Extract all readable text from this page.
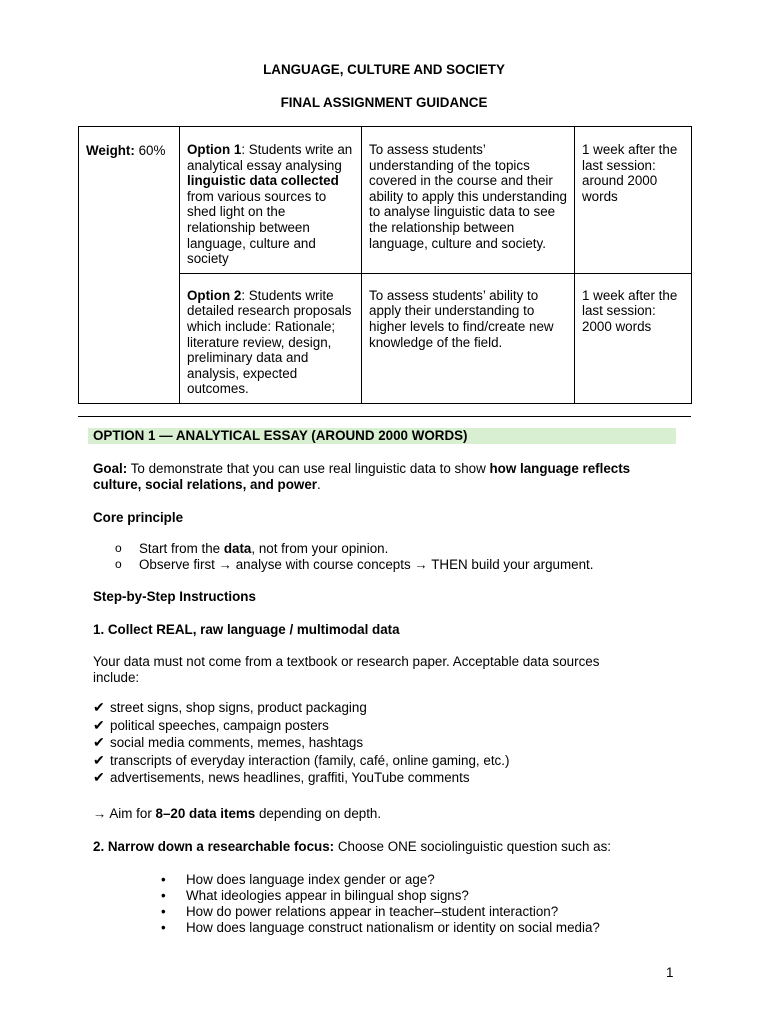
LANGUAGE, CULTURE AND SOCIETY
FINAL ASSIGNMENT GUIDANCE
Weight: 60%	Option 1: Students write an analytical essay analysing linguistic data collected from various sources to shed light on the relationship between language, culture and society	To assess students’ understanding of the topics covered in the course and their ability to apply this understanding to analyse linguistic data to see the relationship between language, culture and society.	1 week after the last session: around 2000 words
	Option 2: Students write detailed research proposals which include: Rationale; literature review, design, preliminary data and analysis, expected outcomes.	To assess students’ ability to apply their understanding to higher levels to find/create new knowledge of the field.	1 week after the last session: 2000 words
OPTION 1 — ANALYTICAL ESSAY (AROUND 2000 WORDS)
Goal: To demonstrate that you can use real linguistic data to show how language reflects
culture, social relations, and power.
Core principle
o Start from the data, not from your opinion.
o Observe first → analyse with course concepts → THEN build your argument.
Step-by-Step Instructions
1. Collect REAL, raw language / multimodal data
Your data must not come from a textbook or research paper. Acceptable data sources
include:
✔ street signs, shop signs, product packaging
✔ political speeches, campaign posters
✔ social media comments, memes, hashtags
✔ transcripts of everyday interaction (family, café, online gaming, etc.)
✔ advertisements, news headlines, graffiti, YouTube comments
→ Aim for 8–20 data items depending on depth.
2. Narrow down a researchable focus: Choose ONE sociolinguistic question such as:
• How does language index gender or age?
• What ideologies appear in bilingual shop signs?
• How do power relations appear in teacher–student interaction?
• How does language construct nationalism or identity on social media?
1
